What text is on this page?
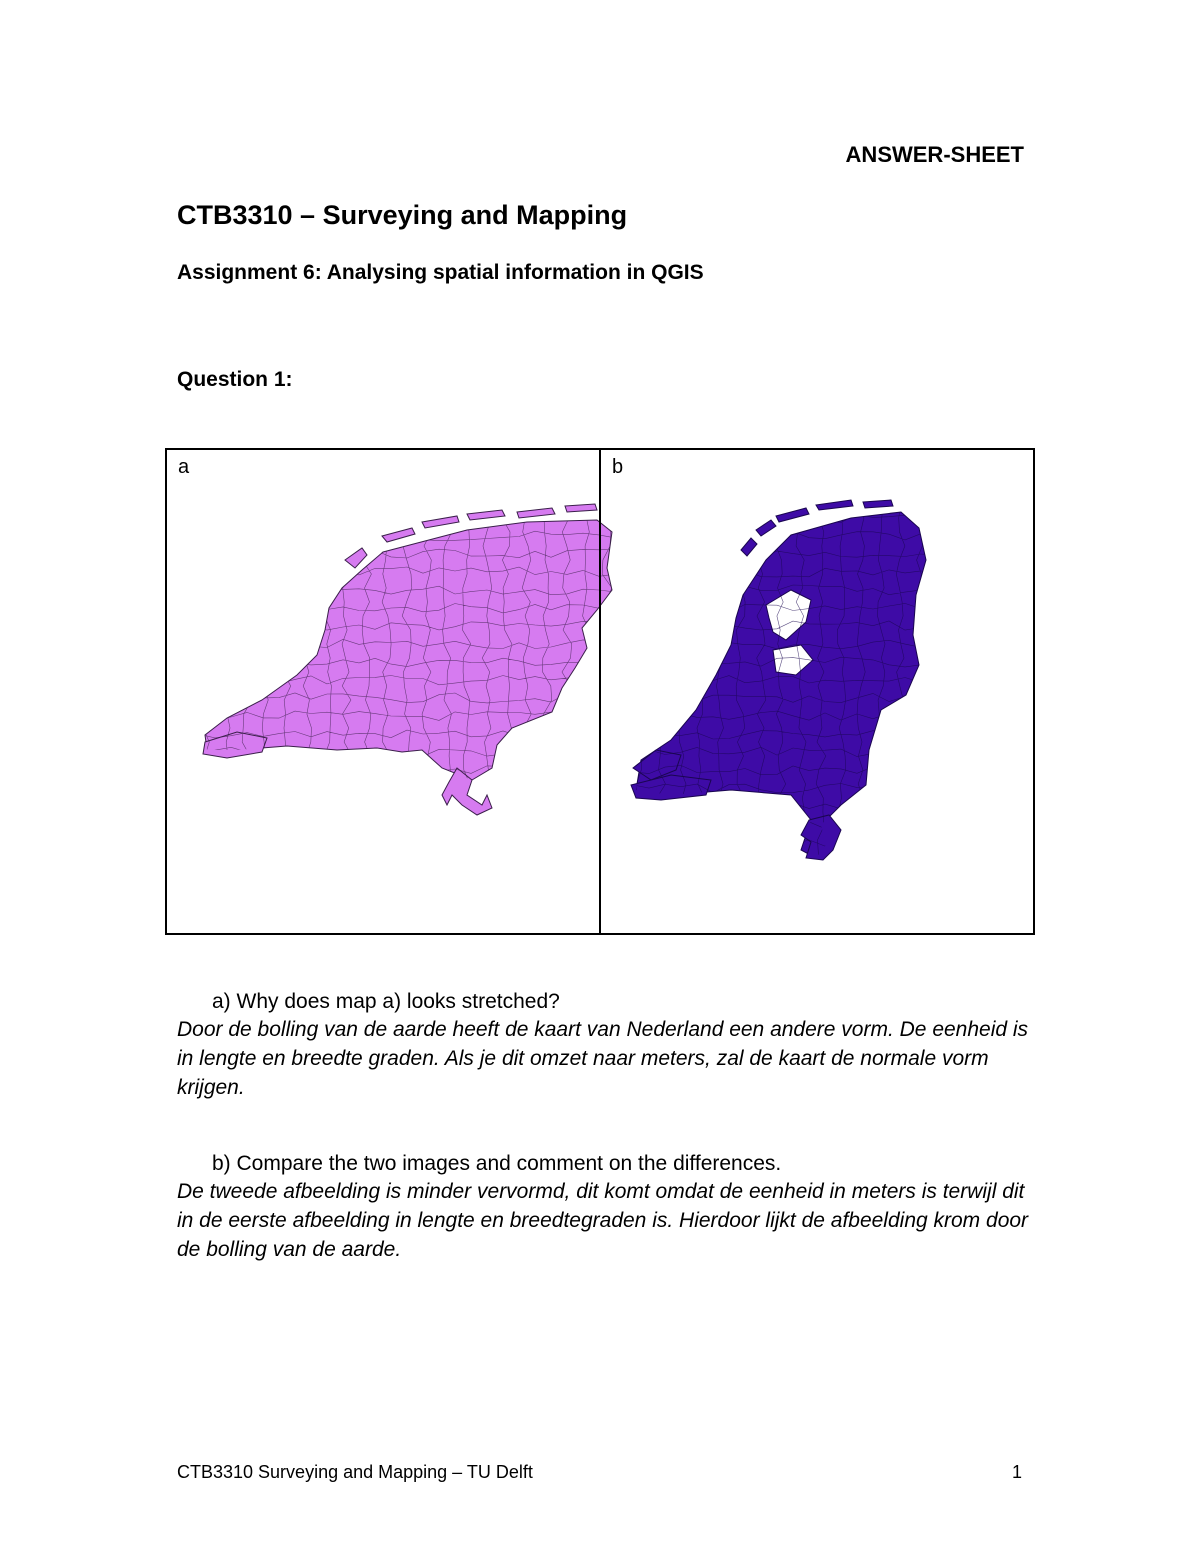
ANSWER-SHEET
CTB3310 – Surveying and Mapping
Assignment 6: Analysing spatial information in QGIS
Question 1:
a	b
a) Why does map a) looks stretched?
Door de bolling van de aarde heeft de kaart van Nederland een andere vorm. De eenheid is in lengte en breedte graden. Als je dit omzet naar meters, zal de kaart de normale vorm krijgen.
b) Compare the two images and comment on the differences.
De tweede afbeelding is minder vervormd, dit komt omdat de eenheid in meters is terwijl dit in de eerste afbeelding in lengte en breedtegraden is. Hierdoor lijkt de afbeelding krom door de bolling van de aarde.
CTB3310 Surveying and Mapping – TU Delft	1
